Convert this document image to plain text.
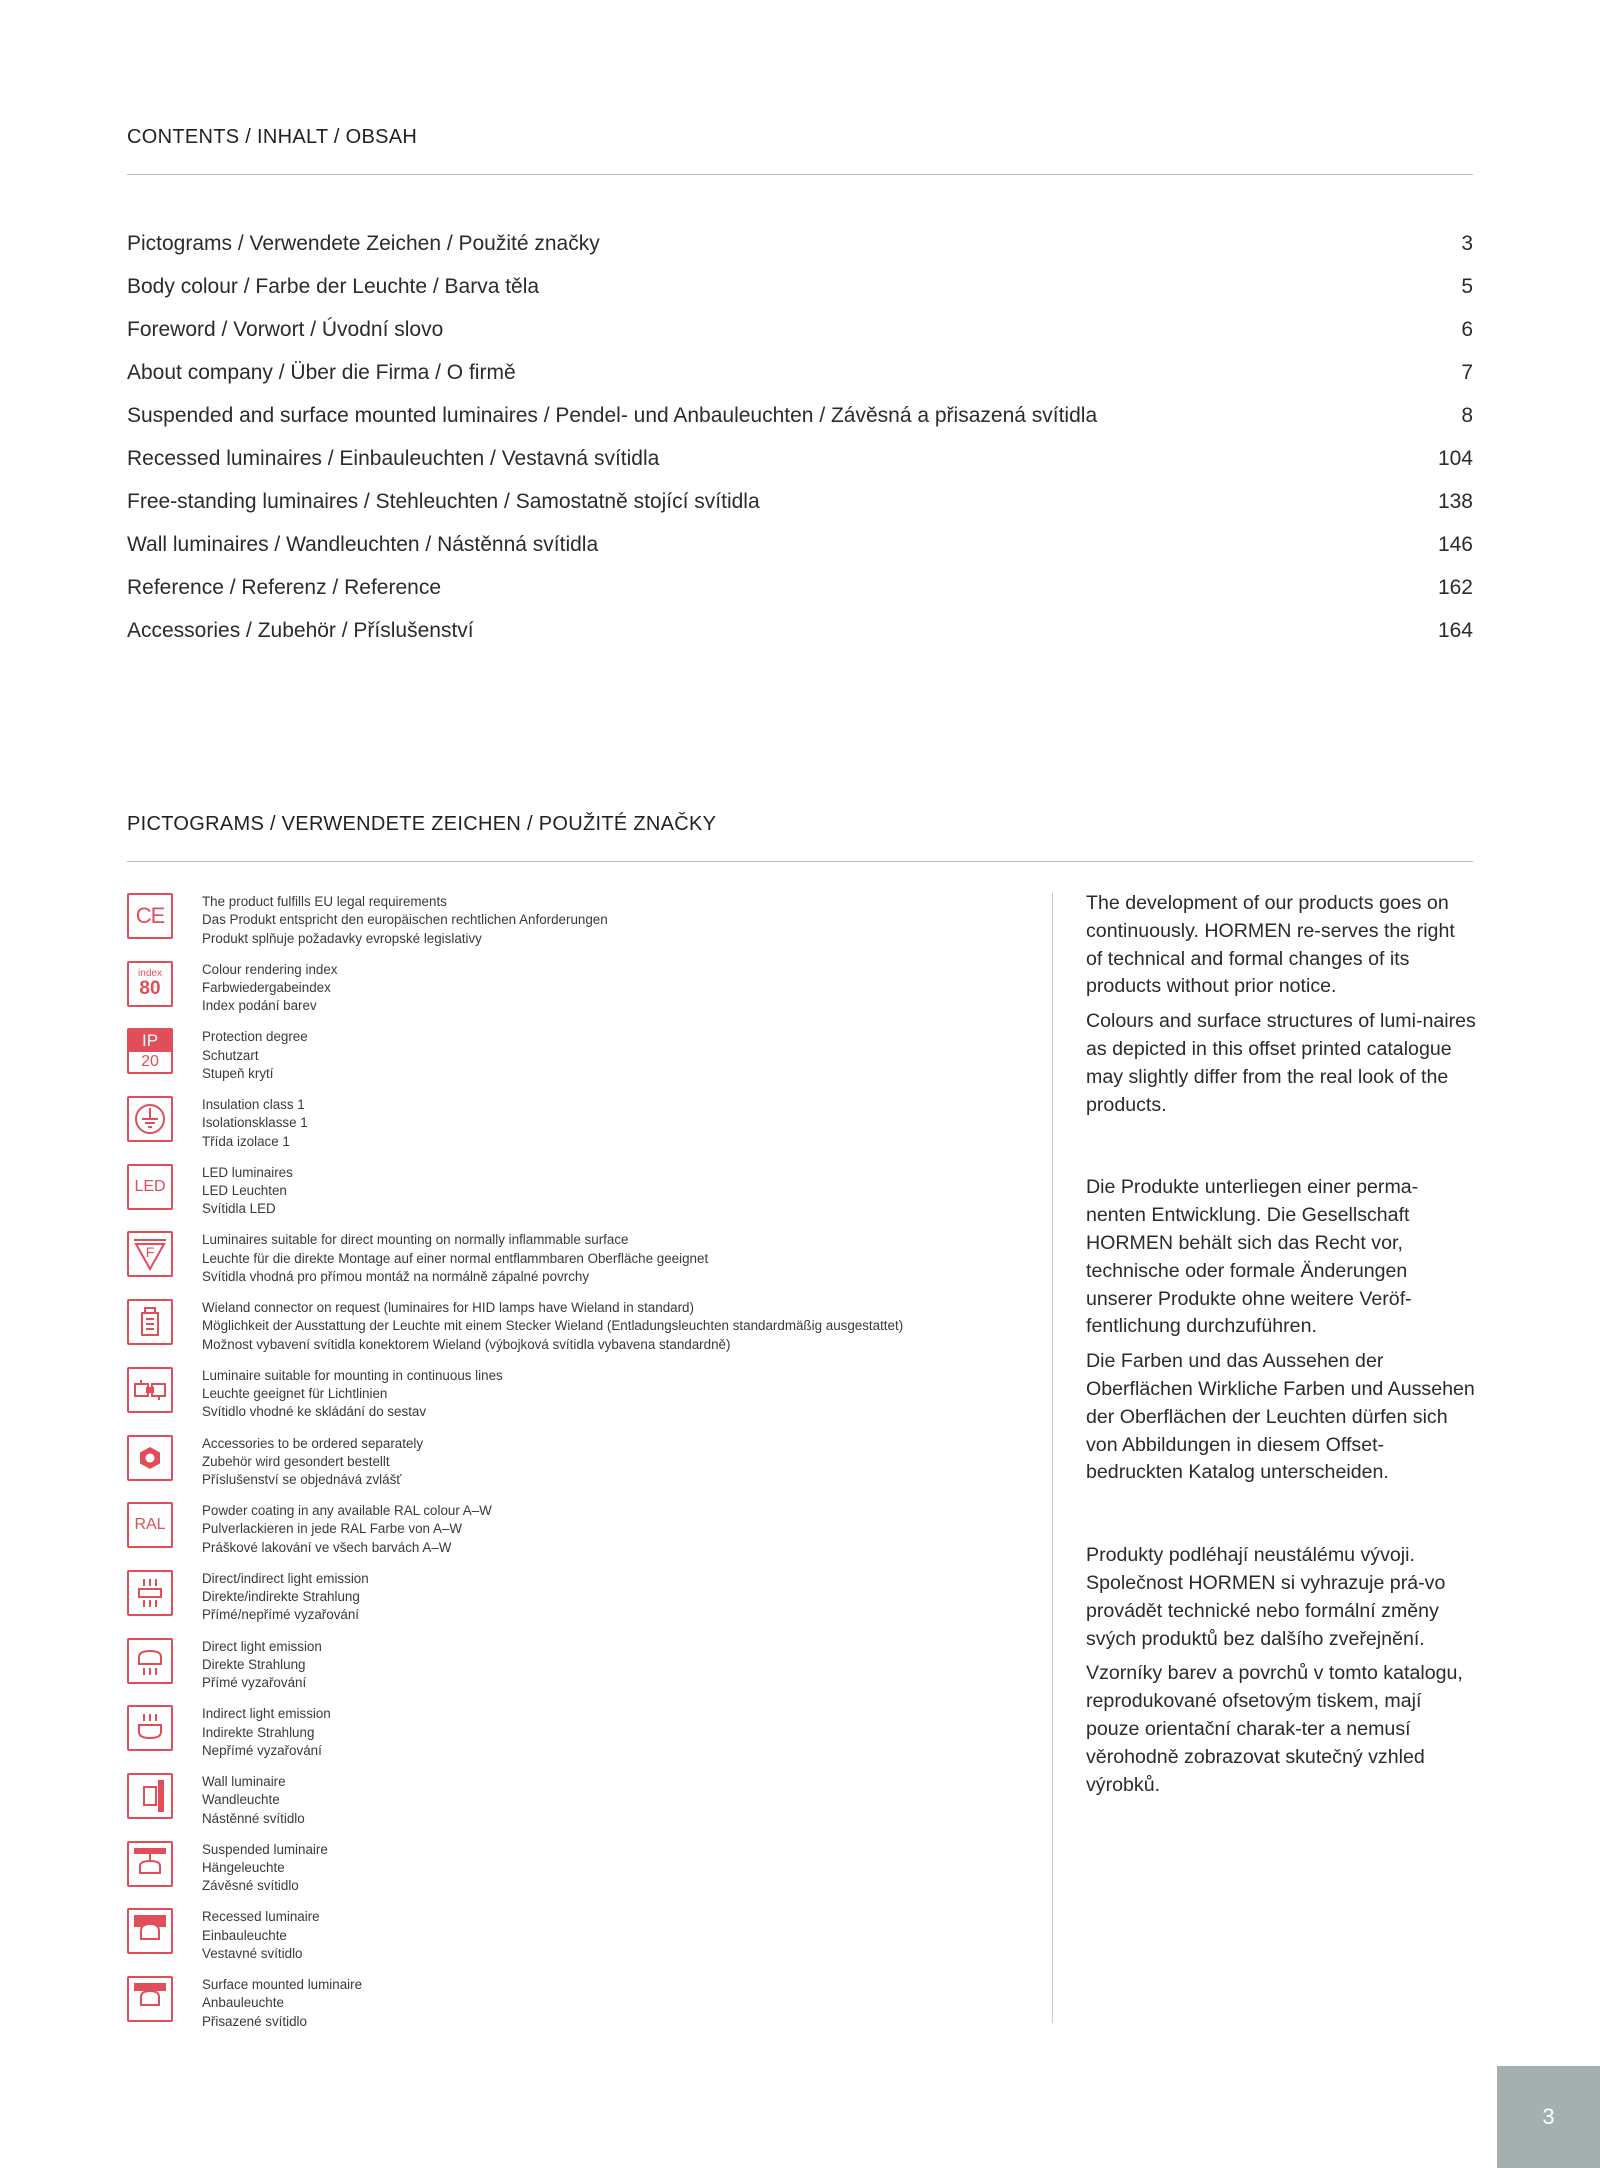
CONTENTS / INHALT / OBSAH
Pictograms / Verwendete Zeichen / Použité značky	3
Body colour / Farbe der Leuchte / Barva těla	5
Foreword / Vorwort / Úvodní slovo	6
About company / Über die Firma / O firmě	7
Suspended and surface mounted luminaires / Pendel- und Anbauleuchten / Závěsná a přisazená svítidla	8
Recessed luminaires / Einbauleuchten / Vestavná svítidla	104
Free-standing luminaires / Stehleuchten / Samostatně stojící svítidla	138
Wall luminaires / Wandleuchten / Nástěnná svítidla	146
Reference / Referenz / Reference	162
Accessories / Zubehör / Příslušenství	164
PICTOGRAMS / VERWENDETE ZEICHEN / POUŽITÉ ZNAČKY
CE
The product fulfills EU legal requirements
Das Produkt entspricht den europäischen rechtlichen Anforderungen
Produkt splňuje požadavky evropské legislativy
index
80
Colour rendering index
Farbwiedergabeindex
Index podání barev
IP
20
Protection degree
Schutzart
Stupeň krytí
Insulation class 1
Isolationsklasse 1
Třída izolace 1
LED
LED luminaires
LED Leuchten
Svítidla LED
F
Luminaires suitable for direct mounting on normally inflammable surface
Leuchte für die direkte Montage auf einer normal entflammbaren Oberfläche geeignet
Svítidla vhodná pro přímou montáž na normálně zápalné povrchy
Wieland connector on request (luminaires for HID lamps have Wieland in standard)
Möglichkeit der Ausstattung der Leuchte mit einem Stecker Wieland (Entladungsleuchten standardmäßig ausgestattet)
Možnost vybavení svítidla konektorem Wieland (výbojková svítidla vybavena standardně)
Luminaire suitable for mounting in continuous lines
Leuchte geeignet für Lichtlinien
Svítidlo vhodné ke skládání do sestav
Accessories to be ordered separately
Zubehör wird gesondert bestellt
Příslušenství se objednává zvlášť
RAL
Powder coating in any available RAL colour A–W
Pulverlackieren in jede RAL Farbe von A–W
Práškové lakování ve všech barvách A–W
Direct/indirect light emission
Direkte/indirekte Strahlung
Přímé/nepřímé vyzařování
Direct light emission
Direkte Strahlung
Přímé vyzařování
Indirect light emission
Indirekte Strahlung
Nepřímé vyzařování
Wall luminaire
Wandleuchte
Nástěnné svítidlo
Suspended luminaire
Hängeleuchte
Závěsné svítidlo
Recessed luminaire
Einbauleuchte
Vestavné svítidlo
Surface mounted luminaire
Anbauleuchte
Přisazené svítidlo

The development of our products goes on continuously. HORMEN re-serves the right of technical and formal changes of its products without prior notice.

Colours and surface structures of lumi-naires as depicted in this offset printed catalogue may slightly differ from the real look of the products.

Die Produkte unterliegen einer perma-nenten Entwicklung. Die Gesellschaft HORMEN behält sich das Recht vor, technische oder formale Änderungen unserer Produkte ohne weitere Veröf-fentlichung durchzuführen.

Die Farben und das Aussehen der Oberflächen Wirkliche Farben und Aussehen der Oberflächen der Leuchten dürfen sich von Abbildungen in diesem Offset-bedruckten Katalog unterscheiden.

Produkty podléhají neustálému vývoji. Společnost HORMEN si vyhrazuje prá-vo provádět technické nebo formální změny svých produktů bez dalšího zveřejnění.

Vzorníky barev a povrchů v tomto katalogu, reprodukované ofsetovým tiskem, mají pouze orientační charak-ter a nemusí věrohodně zobrazovat skutečný vzhled výrobků.

3
